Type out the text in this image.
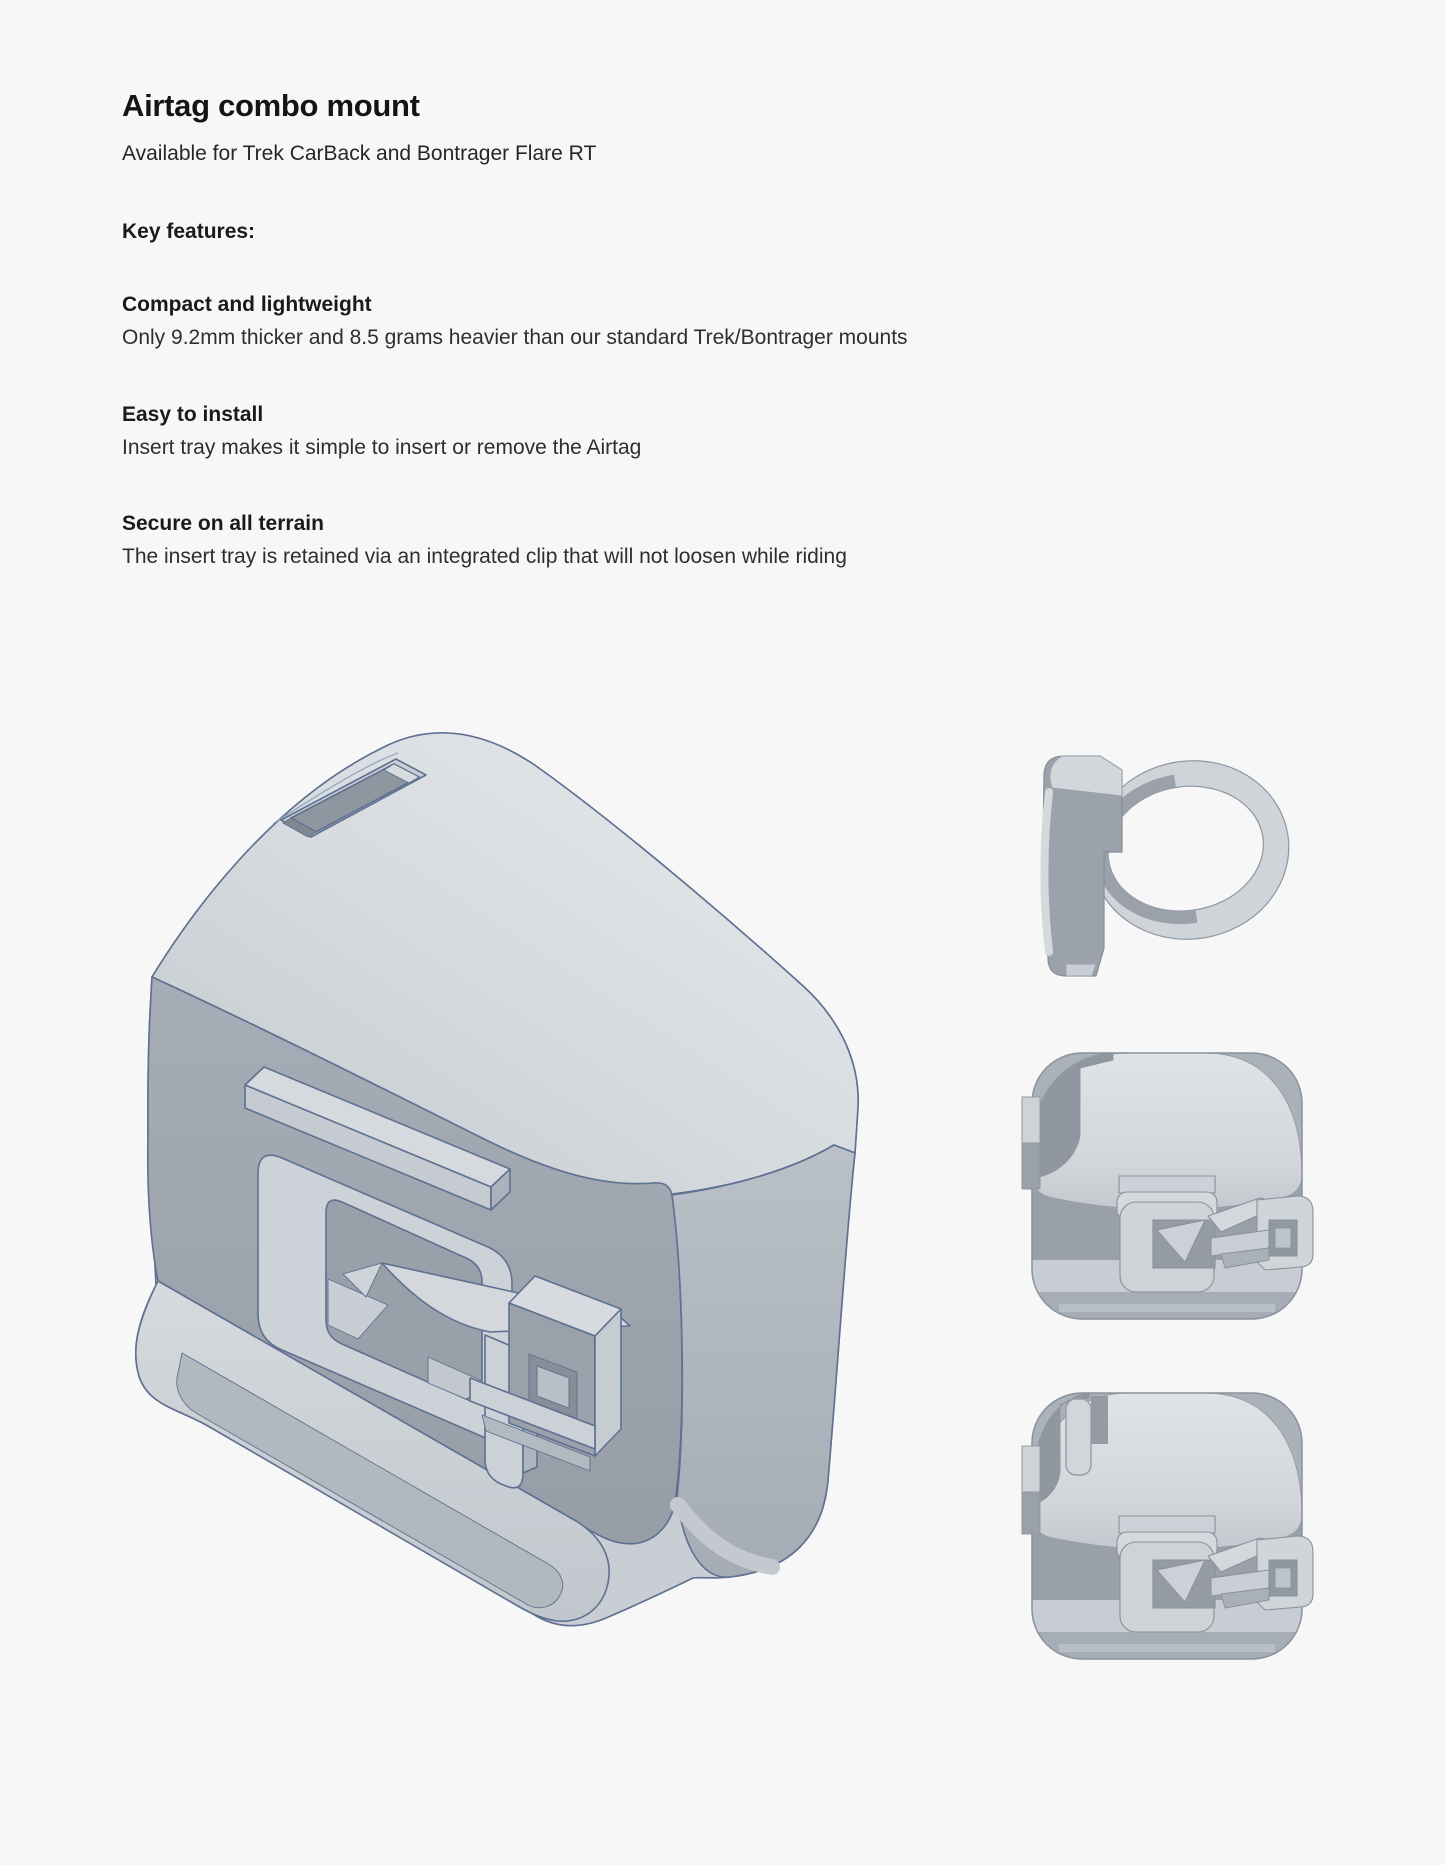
Airtag combo mount
Available for Trek CarBack and Bontrager Flare RT
Key features:
Compact and lightweight
Only 9.2mm thicker and 8.5 grams heavier than our standard Trek/Bontrager mounts
Easy to install
Insert tray makes it simple to insert or remove the Airtag
Secure on all terrain
The insert tray is retained via an integrated clip that will not loosen while riding
